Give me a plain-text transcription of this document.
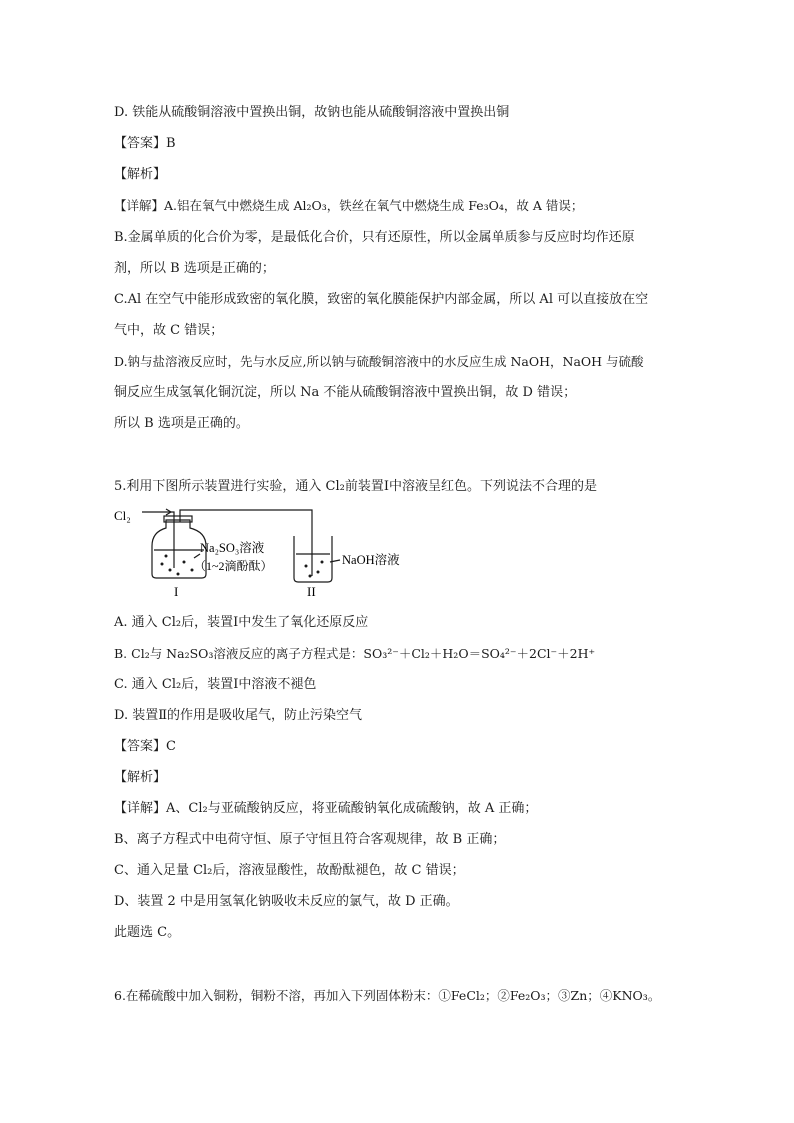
D. 铁能从硫酸铜溶液中置换出铜，故钠也能从硫酸铜溶液中置换出铜
【答案】B
【解析】
【详解】A.铝在氧气中燃烧生成 Al₂O₃，铁丝在氧气中燃烧生成 Fe₃O₄，故 A 错误；
B.金属单质的化合价为零，是最低化合价，只有还原性，所以金属单质参与反应时均作还原
剂，所以 B 选项是正确的；
C.Al 在空气中能形成致密的氧化膜，致密的氧化膜能保护内部金属，所以 Al 可以直接放在空
气中，故 C 错误；
D.钠与盐溶液反应时，先与水反应,所以钠与硫酸铜溶液中的水反应生成 NaOH，NaOH 与硫酸
铜反应生成氢氧化铜沉淀，所以 Na 不能从硫酸铜溶液中置换出铜，故 D 错误；
所以 B 选项是正确的。
5.利用下图所示装置进行实验，通入 Cl₂前装置Ⅰ中溶液呈红色。下列说法不合理的是
Cl₂
Na₂SO₃溶液
（1~2滴酚酞）	NaOH溶液
I	II
A. 通入 Cl₂后，装置Ⅰ中发生了氧化还原反应
B. Cl₂与 Na₂SO₃溶液反应的离子方程式是：SO₃²⁻＋Cl₂＋H₂O＝SO₄²⁻＋2Cl⁻＋2H⁺
C. 通入 Cl₂后，装置Ⅰ中溶液不褪色
D. 装置Ⅱ的作用是吸收尾气，防止污染空气
【答案】C
【解析】
【详解】A、Cl₂与亚硫酸钠反应，将亚硫酸钠氧化成硫酸钠，故 A 正确；
B、离子方程式中电荷守恒、原子守恒且符合客观规律，故 B 正确；
C、通入足量 Cl₂后，溶液显酸性，故酚酞褪色，故 C 错误；
D、装置 2 中是用氢氧化钠吸收未反应的氯气，故 D 正确。
此题选 C。
6.在稀硫酸中加入铜粉，铜粉不溶，再加入下列固体粉末：①FeCl₂；②Fe₂O₃；③Zn；④KNO₃。
